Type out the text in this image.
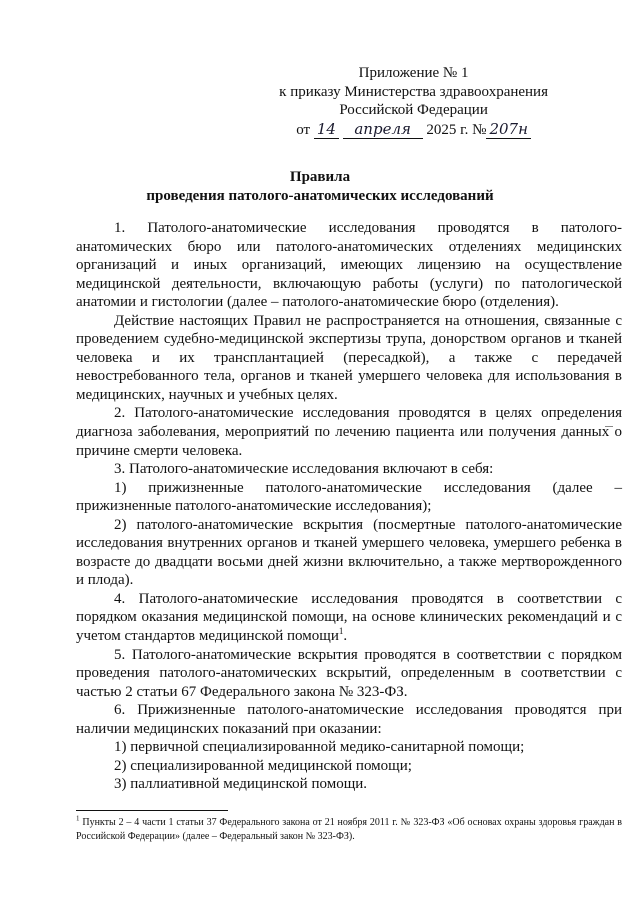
Приложение № 1
к приказу Министерства здравоохранения
Российской Федерации
от 14 апреля 2025 г. № 207н
Правила
проведения патолого-анатомических исследований

1. Патолого-анатомические исследования проводятся в патолого-анатомических бюро или патолого-анатомических отделениях медицинских организаций и иных организаций, имеющих лицензию на осуществление медицинской деятельности, включающую работы (услуги) по патологической анатомии и гистологии (далее – патолого-анатомические бюро (отделения).

Действие настоящих Правил не распространяется на отношения, связанные с проведением судебно-медицинской экспертизы трупа, донорством органов и тканей человека и их трансплантацией (пересадкой), а также с передачей невостребованного тела, органов и тканей умершего человека для использования в медицинских, научных и учебных целях.

2. Патолого-анатомические исследования проводятся в целях определения диагноза заболевания, мероприятий по лечению пациента или получения данных о причине смерти человека.

3. Патолого-анатомические исследования включают в себя:

1) прижизненные патолого-анатомические исследования (далее – прижизненные патолого-анатомические исследования);

2) патолого-анатомические вскрытия (посмертные патолого-анатомические исследования внутренних органов и тканей умершего человека, умершего ребенка в возрасте до двадцати восьми дней жизни включительно, а также мертворожденного и плода).

4. Патолого-анатомические исследования проводятся в соответствии с порядком оказания медицинской помощи, на основе клинических рекомендаций и с учетом стандартов медицинской помощи$^1$.

5. Патолого-анатомические вскрытия проводятся в соответствии с порядком проведения патолого-анатомических вскрытий, определенным в соответствии с частью 2 статьи 67 Федерального закона № 323-ФЗ.

6. Прижизненные патолого-анатомические исследования проводятся при наличии медицинских показаний при оказании:

1) первичной специализированной медико-санитарной помощи;

2) специализированной медицинской помощи;

3) паллиативной медицинской помощи.

$^1$ Пункты 2 – 4 части 1 статьи 37 Федерального закона от 21 ноября 2011 г. № 323-ФЗ «Об основах охраны здоровья граждан в Российской Федерации» (далее – Федеральный закон № 323-ФЗ).
